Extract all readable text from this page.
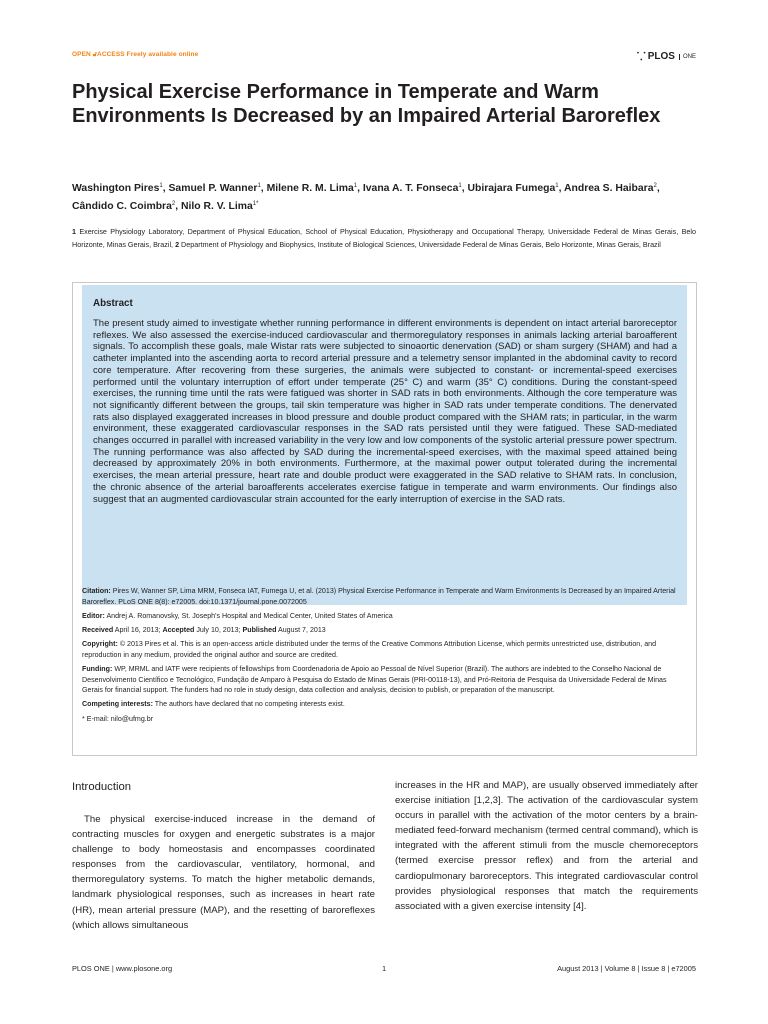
OPEN 🔓︎ACCESS Freely available online	⸪ PLOS	ONE
Physical Exercise Performance in Temperate and Warm Environments Is Decreased by an Impaired Arterial Baroreflex
Washington Pires$^1$, Samuel P. Wanner$^1$, Milene R. M. Lima$^1$, Ivana A. T. Fonseca$^1$, Ubirajara Fumega$^1$, Andrea S. Haibara$^2$, Cândido C. Coimbra$^2$, Nilo R. V. Lima$^{1*}$
1 Exercise Physiology Laboratory, Department of Physical Education, School of Physical Education, Physiotherapy and Occupational Therapy, Universidade Federal de Minas Gerais, Belo Horizonte, Minas Gerais, Brazil, 2 Department of Physiology and Biophysics, Institute of Biological Sciences, Universidade Federal de Minas Gerais, Belo Horizonte, Minas Gerais, Brazil
Abstract
The present study aimed to investigate whether running performance in different environments is dependent on intact arterial baroreceptor reflexes. We also assessed the exercise-induced cardiovascular and thermoregulatory responses in animals lacking arterial baroafferent signals. To accomplish these goals, male Wistar rats were subjected to sinoaortic denervation (SAD) or sham surgery (SHAM) and had a catheter implanted into the ascending aorta to record arterial pressure and a telemetry sensor implanted in the abdominal cavity to record core temperature. After recovering from these surgeries, the animals were subjected to constant- or incremental-speed exercises performed until the voluntary interruption of effort under temperate (25° C) and warm (35° C) conditions. During the constant-speed exercises, the running time until the rats were fatigued was shorter in SAD rats in both environments. Although the core temperature was not significantly different between the groups, tail skin temperature was higher in SAD rats under temperate conditions. The denervated rats also displayed exaggerated increases in blood pressure and double product compared with the SHAM rats; in particular, in the warm environment, these exaggerated cardiovascular responses in the SAD rats persisted until they were fatigued. These SAD-mediated changes occurred in parallel with increased variability in the very low and low components of the systolic arterial pressure power spectrum. The running performance was also affected by SAD during the incremental-speed exercises, with the maximal speed attained being decreased by approximately 20% in both environments. Furthermore, at the maximal power output tolerated during the incremental exercises, the mean arterial pressure, heart rate and double product were exaggerated in the SAD relative to SHAM rats. In conclusion, the chronic absence of the arterial baroafferents accelerates exercise fatigue in temperate and warm environments. Our findings also suggest that an augmented cardiovascular strain accounted for the early interruption of exercise in the SAD rats.

Citation: Pires W, Wanner SP, Lima MRM, Fonseca IAT, Fumega U, et al. (2013) Physical Exercise Performance in Temperate and Warm Environments Is Decreased by an Impaired Arterial Baroreflex. PLoS ONE 8(8): e72005. doi:10.1371/journal.pone.0072005

Editor: Andrej A. Romanovsky, St. Joseph's Hospital and Medical Center, United States of America

Received April 16, 2013; Accepted July 10, 2013; Published August 7, 2013

Copyright: © 2013 Pires et al. This is an open-access article distributed under the terms of the Creative Commons Attribution License, which permits unrestricted use, distribution, and reproduction in any medium, provided the original author and source are credited.

Funding: WP, MRML and IATF were recipients of fellowships from Coordenadoria de Apoio ao Pessoal de Nível Superior (Brazil). The authors are indebted to the Conselho Nacional de Desenvolvimento Científico e Tecnológico, Fundação de Amparo à Pesquisa do Estado de Minas Gerais (PRI-00118-13), and Pró-Reitoria de Pesquisa da Universidade Federal de Minas Gerais for financial support. The funders had no role in study design, data collection and analysis, decision to publish, or preparation of the manuscript.

Competing interests: The authors have declared that no competing interests exist.

* E-mail: nilo@ufmg.br

Introduction

The physical exercise-induced increase in the demand of contracting muscles for oxygen and energetic substrates is a major challenge to body homeostasis and encompasses coordinated responses from the cardiovascular, ventilatory, hormonal, and thermoregulatory systems. To match the higher metabolic demands, landmark physiological responses, such as increases in heart rate (HR), mean arterial pressure (MAP), and the resetting of baroreflexes (which allows simultaneous

increases in the HR and MAP), are usually observed immediately after exercise initiation [1,2,3]. The activation of the cardiovascular system occurs in parallel with the activation of the motor centers by a brain-mediated feed-forward mechanism (termed central command), which is integrated with the afferent stimuli from the muscle chemoreceptors (termed exercise pressor reflex) and from the arterial and cardiopulmonary baroreceptors. This integrated cardiovascular control provides physiological responses that match the requirements associated with a given exercise intensity [4].

PLOS ONE | www.plosone.org	1	August 2013 | Volume 8 | Issue 8 | e72005
